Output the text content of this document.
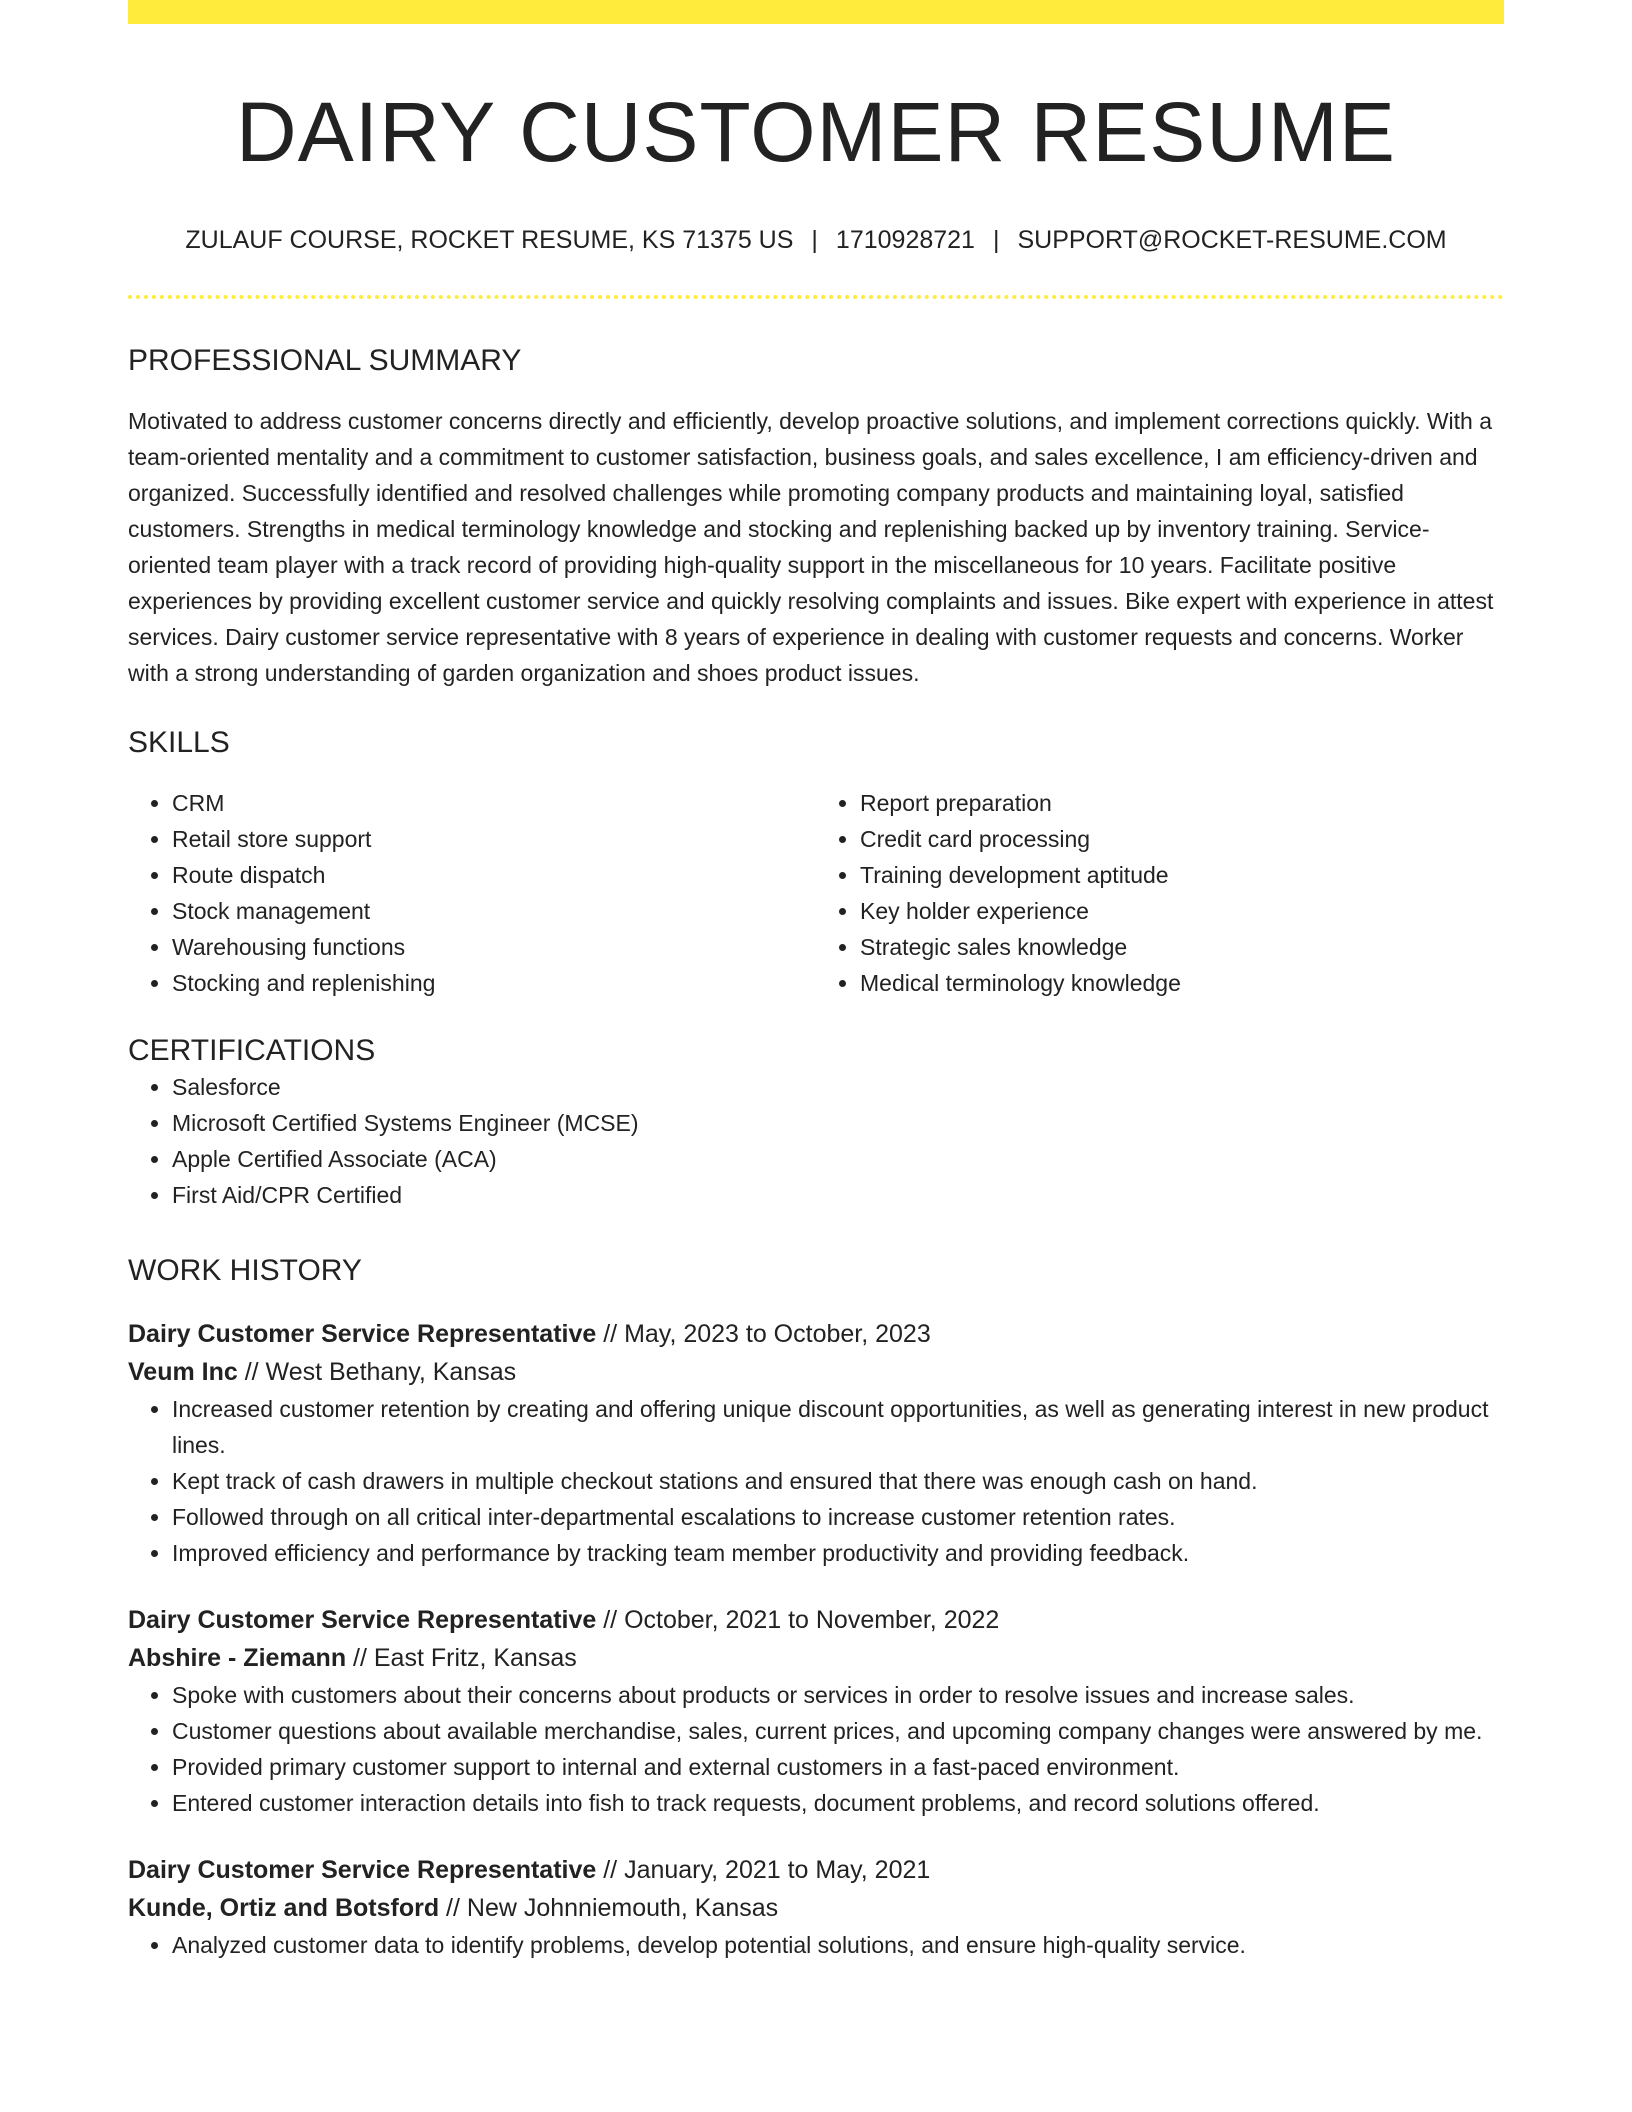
DAIRY CUSTOMER RESUME
ZULAUF COURSE, ROCKET RESUME, KS 71375 US | 1710928721 | SUPPORT@ROCKET-RESUME.COM
PROFESSIONAL SUMMARY
Motivated to address customer concerns directly and efficiently, develop proactive solutions, and implement corrections quickly. With a team-oriented mentality and a commitment to customer satisfaction, business goals, and sales excellence, I am efficiency-driven and organized. Successfully identified and resolved challenges while promoting company products and maintaining loyal, satisfied customers. Strengths in medical terminology knowledge and stocking and replenishing backed up by inventory training. Service-oriented team player with a track record of providing high-quality support in the miscellaneous for 10 years. Facilitate positive experiences by providing excellent customer service and quickly resolving complaints and issues. Bike expert with experience in attest services. Dairy customer service representative with 8 years of experience in dealing with customer requests and concerns. Worker with a strong understanding of garden organization and shoes product issues.
SKILLS
• CRM
• Retail store support
• Route dispatch
• Stock management
• Warehousing functions
• Stocking and replenishing
• Report preparation
• Credit card processing
• Training development aptitude
• Key holder experience
• Strategic sales knowledge
• Medical terminology knowledge
CERTIFICATIONS
• Salesforce
• Microsoft Certified Systems Engineer (MCSE)
• Apple Certified Associate (ACA)
• First Aid/CPR Certified
WORK HISTORY
Dairy Customer Service Representative // May, 2023 to October, 2023
Veum Inc // West Bethany, Kansas
• Increased customer retention by creating and offering unique discount opportunities, as well as generating interest in new product lines.
• Kept track of cash drawers in multiple checkout stations and ensured that there was enough cash on hand.
• Followed through on all critical inter-departmental escalations to increase customer retention rates.
• Improved efficiency and performance by tracking team member productivity and providing feedback.
Dairy Customer Service Representative // October, 2021 to November, 2022
Abshire - Ziemann // East Fritz, Kansas
• Spoke with customers about their concerns about products or services in order to resolve issues and increase sales.
• Customer questions about available merchandise, sales, current prices, and upcoming company changes were answered by me.
• Provided primary customer support to internal and external customers in a fast-paced environment.
• Entered customer interaction details into fish to track requests, document problems, and record solutions offered.
Dairy Customer Service Representative // January, 2021 to May, 2021
Kunde, Ortiz and Botsford // New Johnniemouth, Kansas
• Analyzed customer data to identify problems, develop potential solutions, and ensure high-quality service.
